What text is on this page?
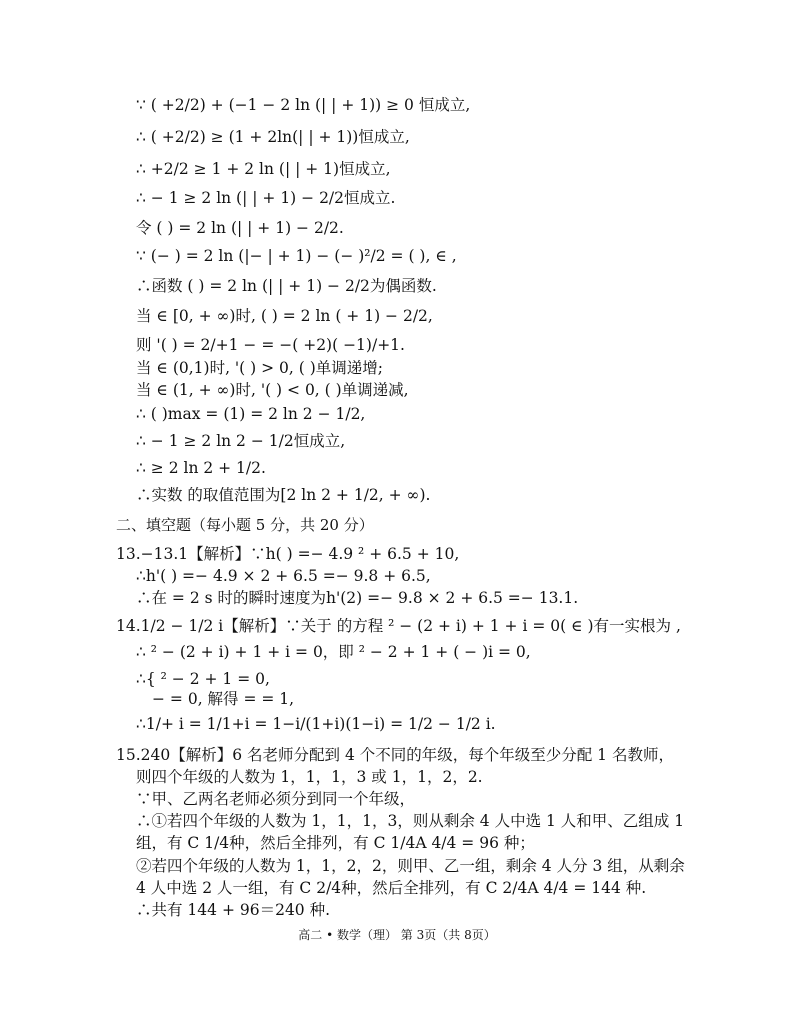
∵ ( +2/2) + (−1 − 2 ln (| | + 1)) ≥ 0 恒成立,
∴ ( +2/2) ≥ (1 + 2ln(| | + 1))恒成立,
∴ +2/2 ≥ 1 + 2 ln (| | + 1)恒成立,
∴ − 1 ≥ 2 ln (| | + 1) − 2/2恒成立.
令 ( ) = 2 ln (| | + 1) − 2/2.
∵ (− ) = 2 ln (|− | + 1) − (− )²/2 = ( ), ∈ ,
∴函数 ( ) = 2 ln (| | + 1) − 2/2为偶函数.
当 ∈ [0, + ∞)时, ( ) = 2 ln ( + 1) − 2/2,
则 '( ) = 2/+1 − = −( +2)( −1)/+1.
当 ∈ (0,1)时, '( ) > 0, ( )单调递增;
当 ∈ (1, + ∞)时, '( ) < 0, ( )单调递减,
∴ ( )max = (1) = 2 ln 2 − 1/2,
∴ − 1 ≥ 2 ln 2 − 1/2恒成立,
∴ ≥ 2 ln 2 + 1/2.
∴实数 的取值范围为[2 ln 2 + 1/2, + ∞).
二、填空题（每小题 5 分，共 20 分）
13.−13.1【解析】∵h( ) =− 4.9 ² + 6.5 + 10,
∴h'( ) =− 4.9 × 2 + 6.5 =− 9.8 + 6.5,
∴在 = 2 s 时的瞬时速度为h'(2) =− 9.8 × 2 + 6.5 =− 13.1.
14.1/2 − 1/2 i【解析】∵关于 的方程 ² − (2 + i) + 1 + i = 0( ∈ )有一实根为 ,
∴ ² − (2 + i) + 1 + i = 0，即 ² − 2 + 1 + ( − )i = 0,
∴{ ² − 2 + 1 = 0,
− = 0, 解得 = = 1,
∴1/+ i = 1/1+i = 1−i/(1+i)(1−i) = 1/2 − 1/2 i.
15.240【解析】6 名老师分配到 4 个不同的年级，每个年级至少分配 1 名教师，
则四个年级的人数为 1，1，1，3 或 1，1，2，2.
∵甲、乙两名老师必须分到同一个年级，
∴①若四个年级的人数为 1，1，1，3，则从剩余 4 人中选 1 人和甲、乙组成 1
组，有 C 1/4种，然后全排列，有 C 1/4A 4/4 = 96 种；
②若四个年级的人数为 1，1，2，2，则甲、乙一组，剩余 4 人分 3 组，从剩余
4 人中选 2 人一组，有 C 2/4种，然后全排列，有 C 2/4A 4/4 = 144 种.
∴共有 144 + 96＝240 种.
高二 • 数学（理） 第 3页（共 8页）
